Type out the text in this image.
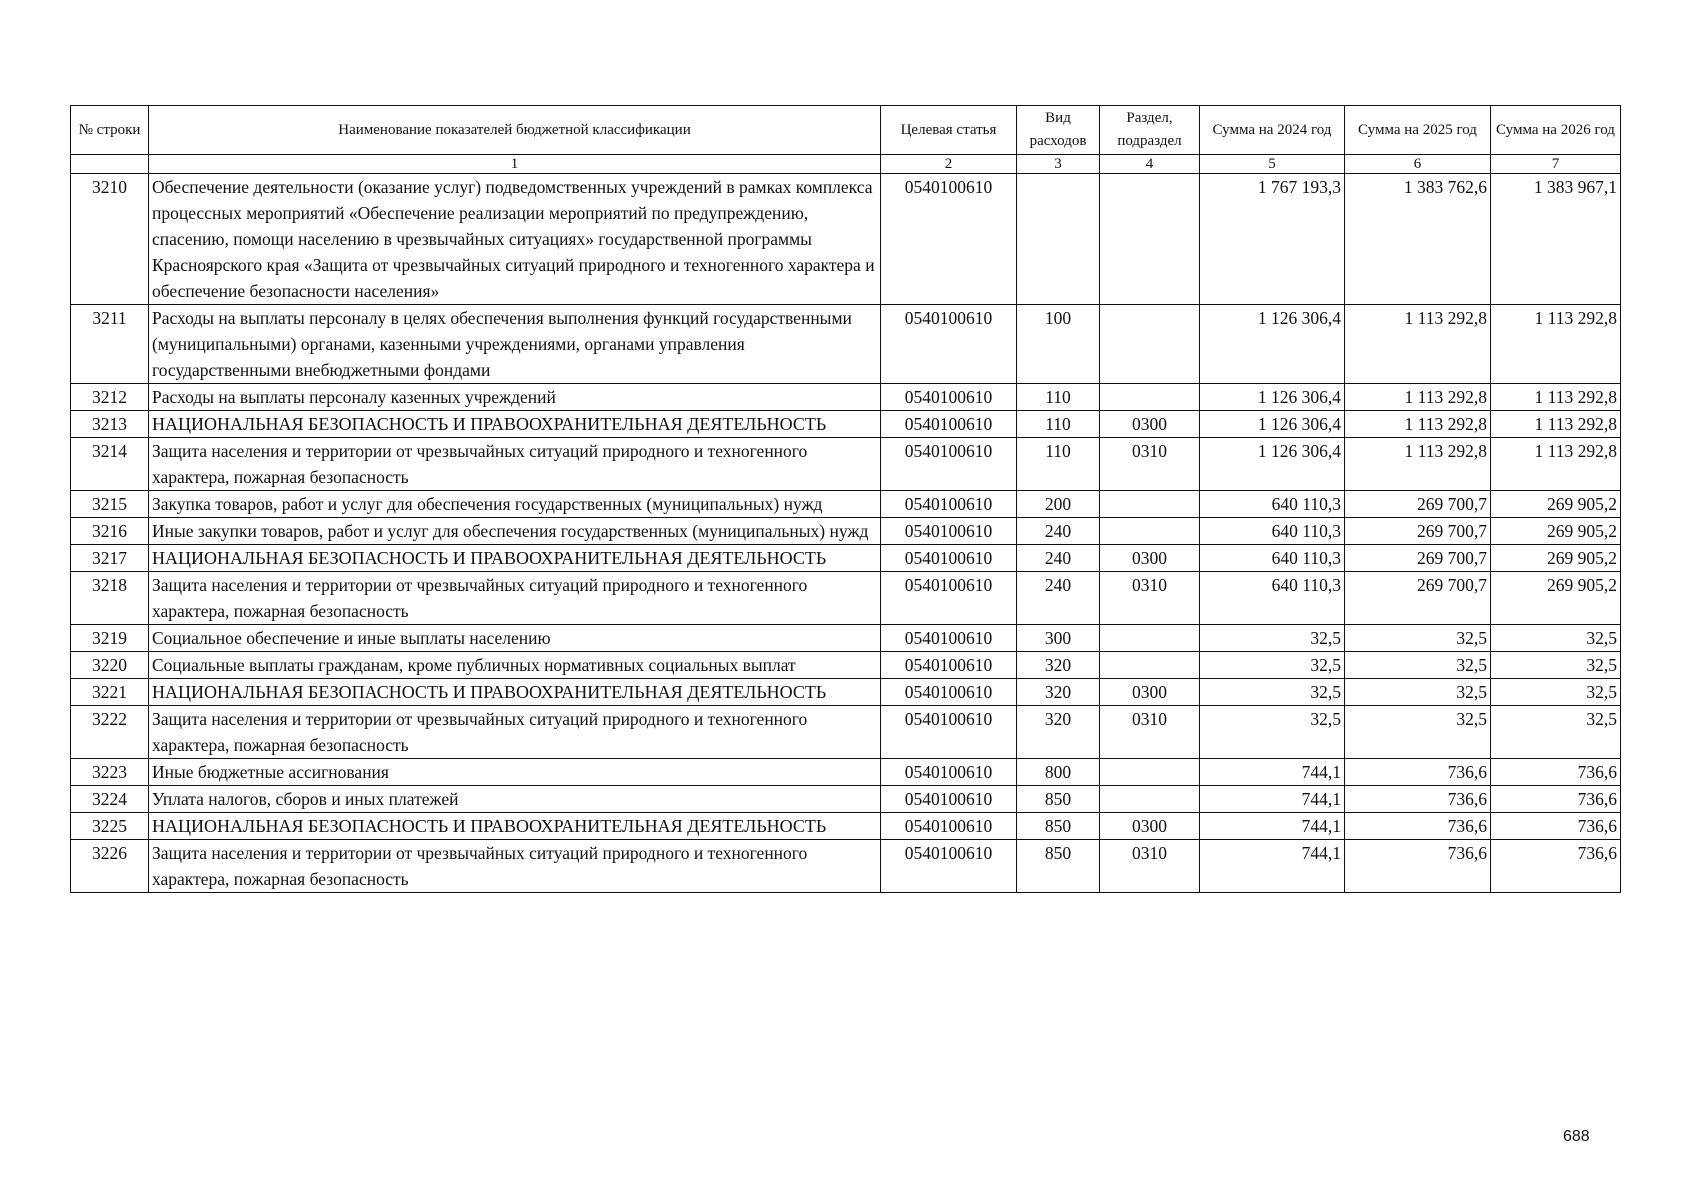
№ строки	Наименование показателей бюджетной классификации	Целевая статья	Вид расходов	Раздел, подраздел	Сумма на 2024 год	Сумма на 2025 год	Сумма на 2026 год
	1	2	3	4	5	6	7
3210	Обеспечение деятельности (оказание услуг) подведомственных учреждений в рамках комплекса процессных мероприятий «Обеспечение реализации мероприятий по предупреждению, спасению, помощи населению в чрезвычайных ситуациях» государственной программы Красноярского края «Защита от чрезвычайных ситуаций природного и техногенного характера и обеспечение безопасности населения»	0540100610			1 767 193,3	1 383 762,6	1 383 967,1
3211	Расходы на выплаты персоналу в целях обеспечения выполнения функций государственными (муниципальными) органами, казенными учреждениями, органами управления государственными внебюджетными фондами	0540100610	100		1 126 306,4	1 113 292,8	1 113 292,8
3212	Расходы на выплаты персоналу казенных учреждений	0540100610	110		1 126 306,4	1 113 292,8	1 113 292,8
3213	НАЦИОНАЛЬНАЯ БЕЗОПАСНОСТЬ И ПРАВООХРАНИТЕЛЬНАЯ ДЕЯТЕЛЬНОСТЬ	0540100610	110	0300	1 126 306,4	1 113 292,8	1 113 292,8
3214	Защита населения и территории от чрезвычайных ситуаций природного и техногенного характера, пожарная безопасность	0540100610	110	0310	1 126 306,4	1 113 292,8	1 113 292,8
3215	Закупка товаров, работ и услуг для обеспечения государственных (муниципальных) нужд	0540100610	200		640 110,3	269 700,7	269 905,2
3216	Иные закупки товаров, работ и услуг для обеспечения государственных (муниципальных) нужд	0540100610	240		640 110,3	269 700,7	269 905,2
3217	НАЦИОНАЛЬНАЯ БЕЗОПАСНОСТЬ И ПРАВООХРАНИТЕЛЬНАЯ ДЕЯТЕЛЬНОСТЬ	0540100610	240	0300	640 110,3	269 700,7	269 905,2
3218	Защита населения и территории от чрезвычайных ситуаций природного и техногенного характера, пожарная безопасность	0540100610	240	0310	640 110,3	269 700,7	269 905,2
3219	Социальное обеспечение и иные выплаты населению	0540100610	300		32,5	32,5	32,5
3220	Социальные выплаты гражданам, кроме публичных нормативных социальных выплат	0540100610	320		32,5	32,5	32,5
3221	НАЦИОНАЛЬНАЯ БЕЗОПАСНОСТЬ И ПРАВООХРАНИТЕЛЬНАЯ ДЕЯТЕЛЬНОСТЬ	0540100610	320	0300	32,5	32,5	32,5
3222	Защита населения и территории от чрезвычайных ситуаций природного и техногенного характера, пожарная безопасность	0540100610	320	0310	32,5	32,5	32,5
3223	Иные бюджетные ассигнования	0540100610	800		744,1	736,6	736,6
3224	Уплата налогов, сборов и иных платежей	0540100610	850		744,1	736,6	736,6
3225	НАЦИОНАЛЬНАЯ БЕЗОПАСНОСТЬ И ПРАВООХРАНИТЕЛЬНАЯ ДЕЯТЕЛЬНОСТЬ	0540100610	850	0300	744,1	736,6	736,6
3226	Защита населения и территории от чрезвычайных ситуаций природного и техногенного характера, пожарная безопасность	0540100610	850	0310	744,1	736,6	736,6
688
